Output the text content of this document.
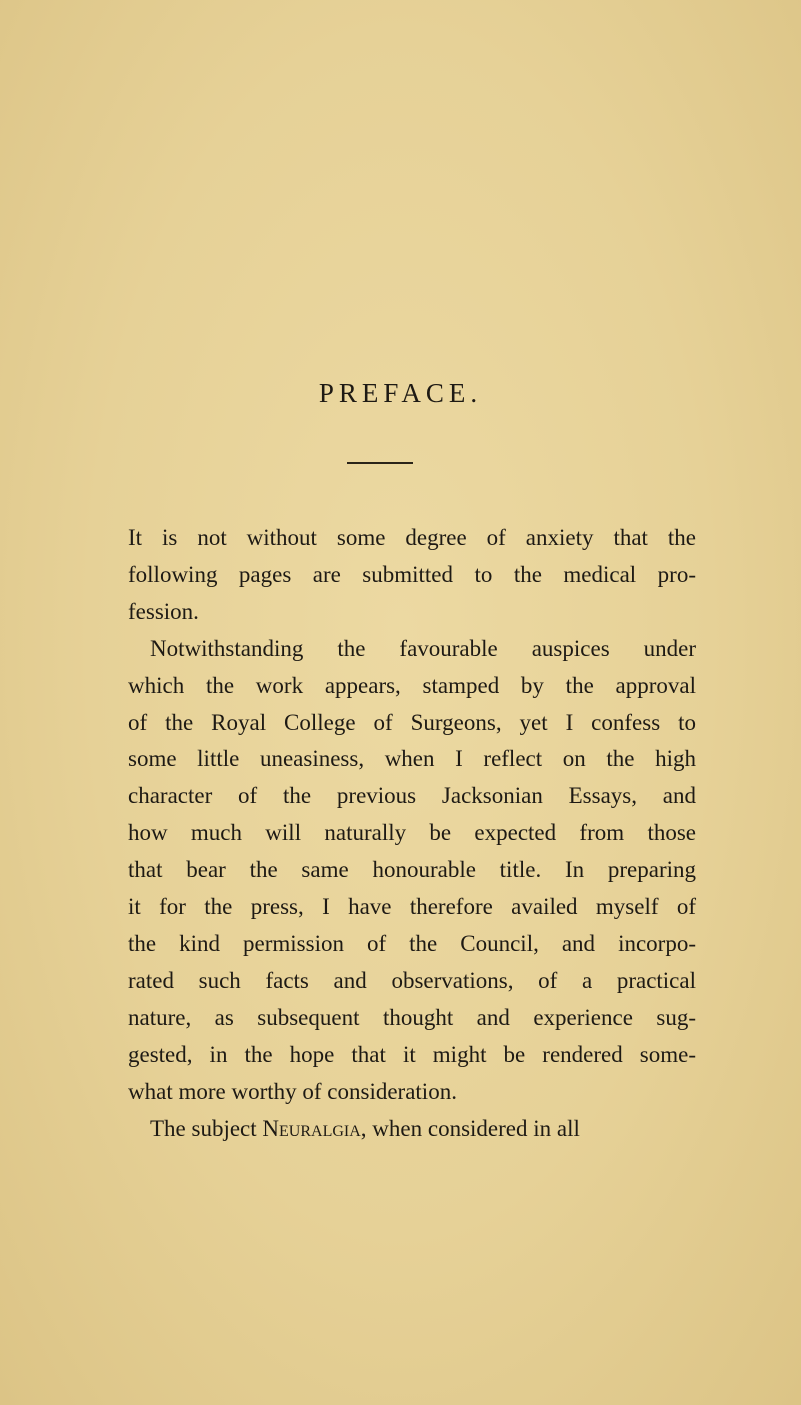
PREFACE.
It is not without some degree of anxiety that the
following pages are submitted to the medical pro-
fession.
Notwithstanding the favourable auspices under
which the work appears, stamped by the approval
of the Royal College of Surgeons, yet I confess to
some little uneasiness, when I reflect on the high
character of the previous Jacksonian Essays, and
how much will naturally be expected from those
that bear the same honourable title. In preparing
it for the press, I have therefore availed myself of
the kind permission of the Council, and incorpo-
rated such facts and observations, of a practical
nature, as subsequent thought and experience sug-
gested, in the hope that it might be rendered some-
what more worthy of consideration.
The subject Neuralgia, when considered in all
